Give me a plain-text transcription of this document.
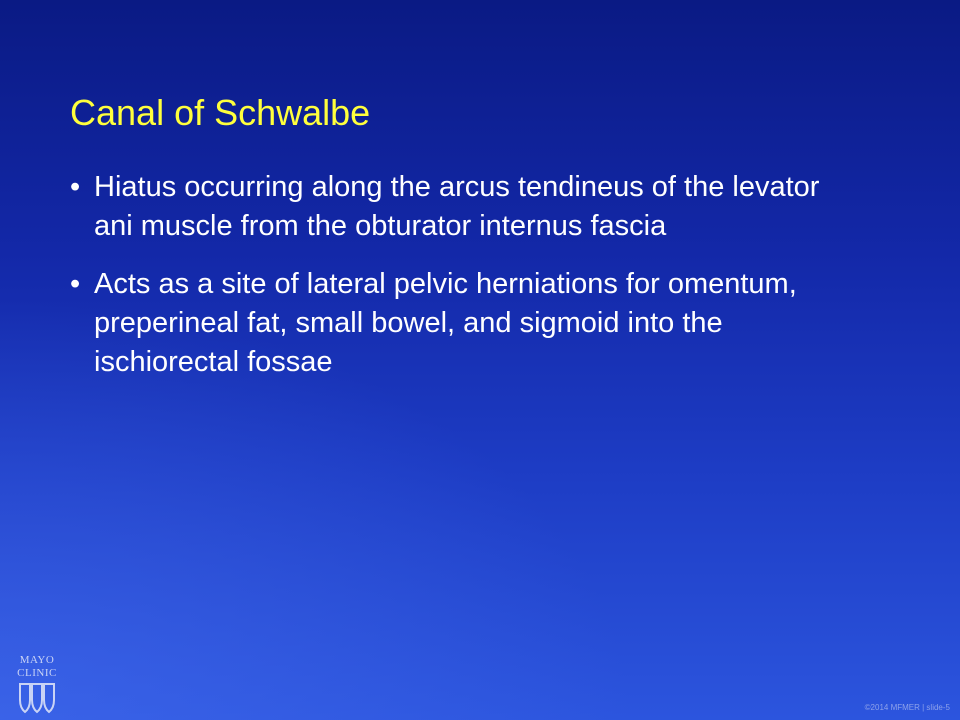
Canal of Schwalbe
• Hiatus occurring along the arcus tendineus of the levator ani muscle from the obturator internus fascia
• Acts as a site of lateral pelvic herniations for omentum, preperineal fat, small bowel, and sigmoid into the ischiorectal fossae
MAYO
CLINIC
©2014 MFMER | slide-5
